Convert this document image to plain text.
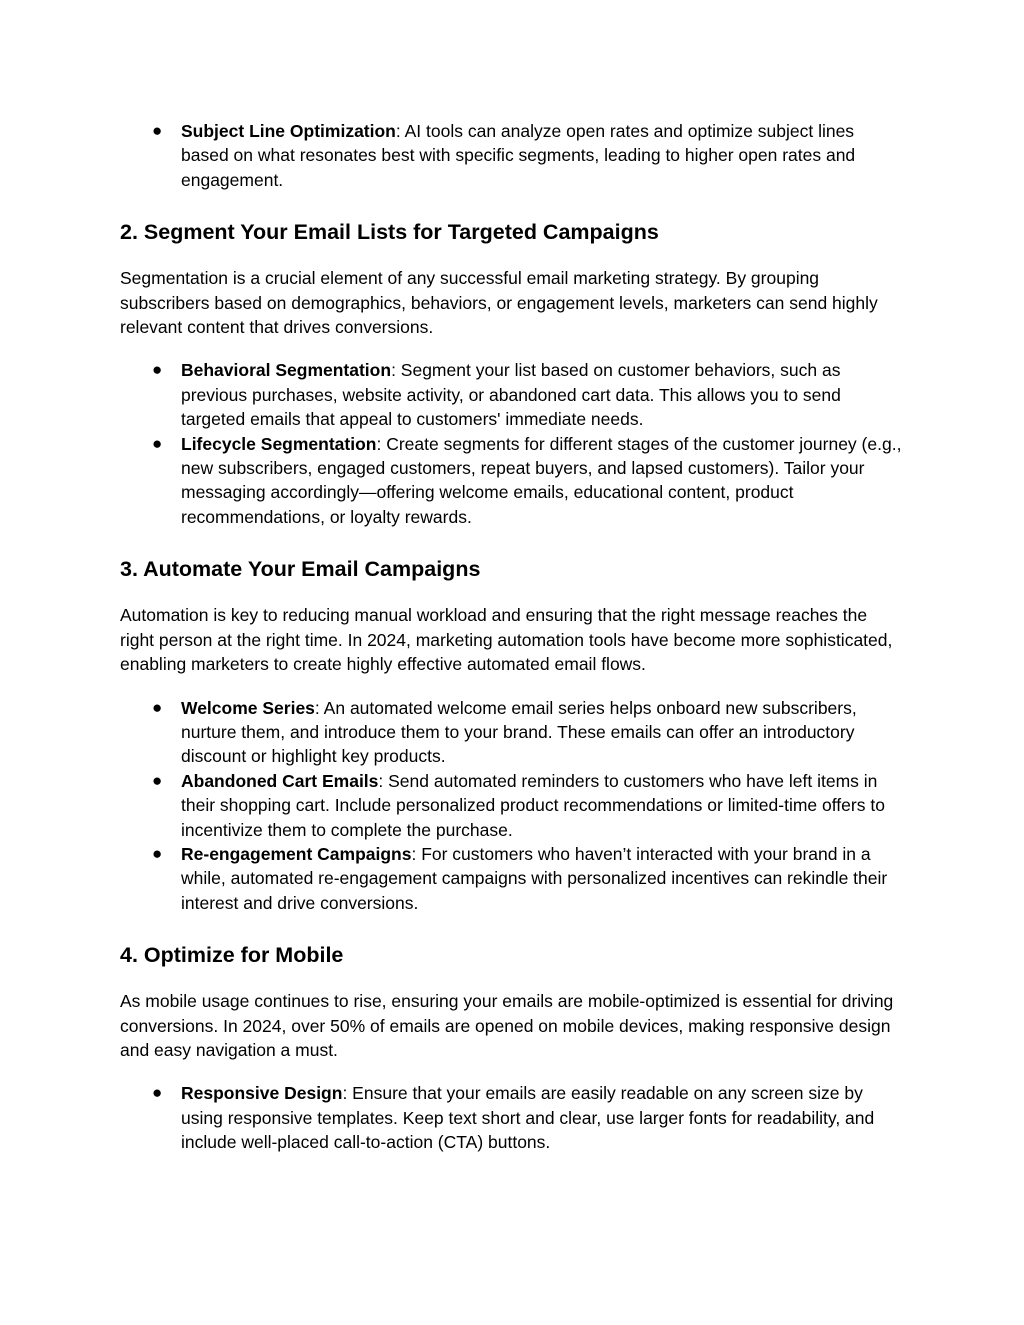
● Subject Line Optimization: AI tools can analyze open rates and optimize subject lines based on what resonates best with specific segments, leading to higher open rates and engagement.
2. Segment Your Email Lists for Targeted Campaigns

Segmentation is a crucial element of any successful email marketing strategy. By grouping subscribers based on demographics, behaviors, or engagement levels, marketers can send highly relevant content that drives conversions.

● Behavioral Segmentation: Segment your list based on customer behaviors, such as previous purchases, website activity, or abandoned cart data. This allows you to send targeted emails that appeal to customers' immediate needs.
● Lifecycle Segmentation: Create segments for different stages of the customer journey (e.g., new subscribers, engaged customers, repeat buyers, and lapsed customers). Tailor your messaging accordingly—offering welcome emails, educational content, product recommendations, or loyalty rewards.
3. Automate Your Email Campaigns

Automation is key to reducing manual workload and ensuring that the right message reaches the right person at the right time. In 2024, marketing automation tools have become more sophisticated, enabling marketers to create highly effective automated email flows.

● Welcome Series: An automated welcome email series helps onboard new subscribers, nurture them, and introduce them to your brand. These emails can offer an introductory discount or highlight key products.
● Abandoned Cart Emails: Send automated reminders to customers who have left items in their shopping cart. Include personalized product recommendations or limited-time offers to incentivize them to complete the purchase.
● Re-engagement Campaigns: For customers who haven’t interacted with your brand in a while, automated re-engagement campaigns with personalized incentives can rekindle their interest and drive conversions.
4. Optimize for Mobile

As mobile usage continues to rise, ensuring your emails are mobile-optimized is essential for driving conversions. In 2024, over 50% of emails are opened on mobile devices, making responsive design and easy navigation a must.

● Responsive Design: Ensure that your emails are easily readable on any screen size by using responsive templates. Keep text short and clear, use larger fonts for readability, and include well-placed call-to-action (CTA) buttons.
